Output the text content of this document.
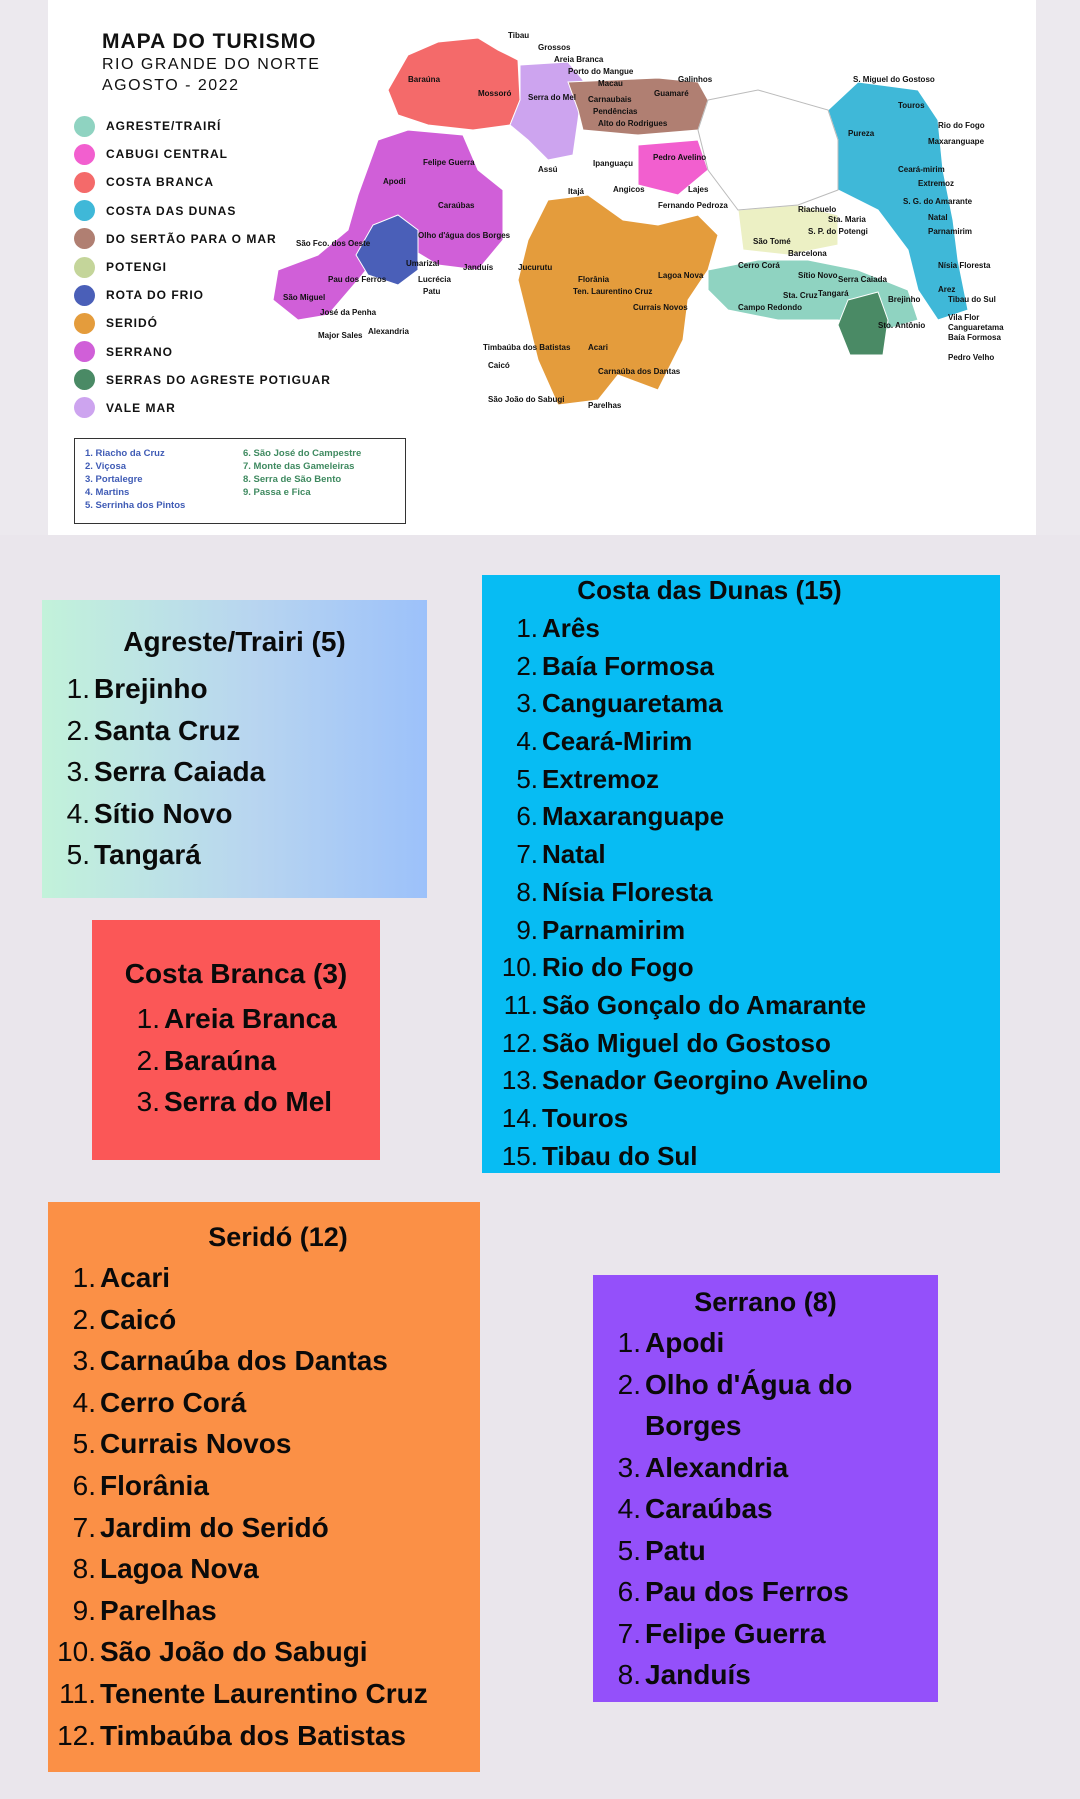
MAPA DO TURISMO
RIO GRANDE DO NORTE
AGOSTO - 2022
AGRESTE/TRAIRÍ
CABUGI CENTRAL
COSTA BRANCA
COSTA DAS DUNAS
DO SERTÃO PARA O MAR
POTENGI
ROTA DO FRIO
SERIDÓ
SERRANO
SERRAS DO AGRESTE POTIGUAR
VALE MAR
1. Riacho da Cruz
2. Viçosa
3. Portalegre
4. Martins
5. Serrinha dos Pintos
6. São José do Campestre
7. Monte das Gameleiras
8. Serra de São Bento
9. Passa e Fica
Tibau
Grossos
Areia Branca
Porto do Mangue
Baraúna
Mossoró Serra do Mel
Macau	Galinhos
Guamaré
Carnaubais
Pendências
Alto do Rodrigues
S. Miguel do Gostoso
Touros
Rio do Fogo
Pureza
Maxaranguape
Felipe Guerra
Assú
Ipanguaçu
Pedro Avelino
Apodi
Itajá	Angicos	Lajes
Fernando Pedroza
Ceará-mirim
Extremoz
S. G. do Amarante
Caraúbas	Riachuelo
Sta. Maria
S. P. do Potengi
Natal
Parnamirim
São Fco. dos Oeste
Olho d'água dos Borges
São Tomé
Barcelona
Umarizal	Janduís	Jucurutu	Cerro Corá	Nísia Floresta
Pau dos Ferros	Lucrécia	Florânia	Lagoa Nova	Sítio Novo Serra Caiada
Patu	Ten. Laurentino Cruz	Sta. Cruz Tangará	Arez
São Miguel	Brejinho	Tibau do Sul
Currais Novos	Campo Redondo
Vila Flor
José da Penha
Sto. Antônio	Canguaretama
Major Sales Alexandria
Baía Formosa
Timbaúba dos Batistas Acari
Pedro Velho
Caicó
Carnaúba dos Dantas
São João do Sabugi
Parelhas
Agreste/Trairi (5)
1. Brejinho
2. Santa Cruz
3. Serra Caiada
4. Sítio Novo
5. Tangará
Costa Branca (3)
1. Areia Branca
2. Baraúna
3. Serra do Mel
Costa das Dunas (15)
1. Arês
2. Baía Formosa
3. Canguaretama
4. Ceará-Mirim
5. Extremoz
6. Maxaranguape
7. Natal
8. Nísia Floresta
9. Parnamirim
10. Rio do Fogo
11. São Gonçalo do Amarante
12. São Miguel do Gostoso
13. Senador Georgino Avelino
14. Touros
15. Tibau do Sul
Seridó (12)
1. Acari
2. Caicó
3. Carnaúba dos Dantas
4. Cerro Corá
5. Currais Novos
6. Florânia
7. Jardim do Seridó
8. Lagoa Nova
9. Parelhas
10. São João do Sabugi
11. Tenente Laurentino Cruz
12. Timbaúba dos Batistas
Serrano (8)
1. Apodi
2. Olho d'Água do Borges
3. Alexandria
4. Caraúbas
5. Patu
6. Pau dos Ferros
7. Felipe Guerra
8. Janduís
